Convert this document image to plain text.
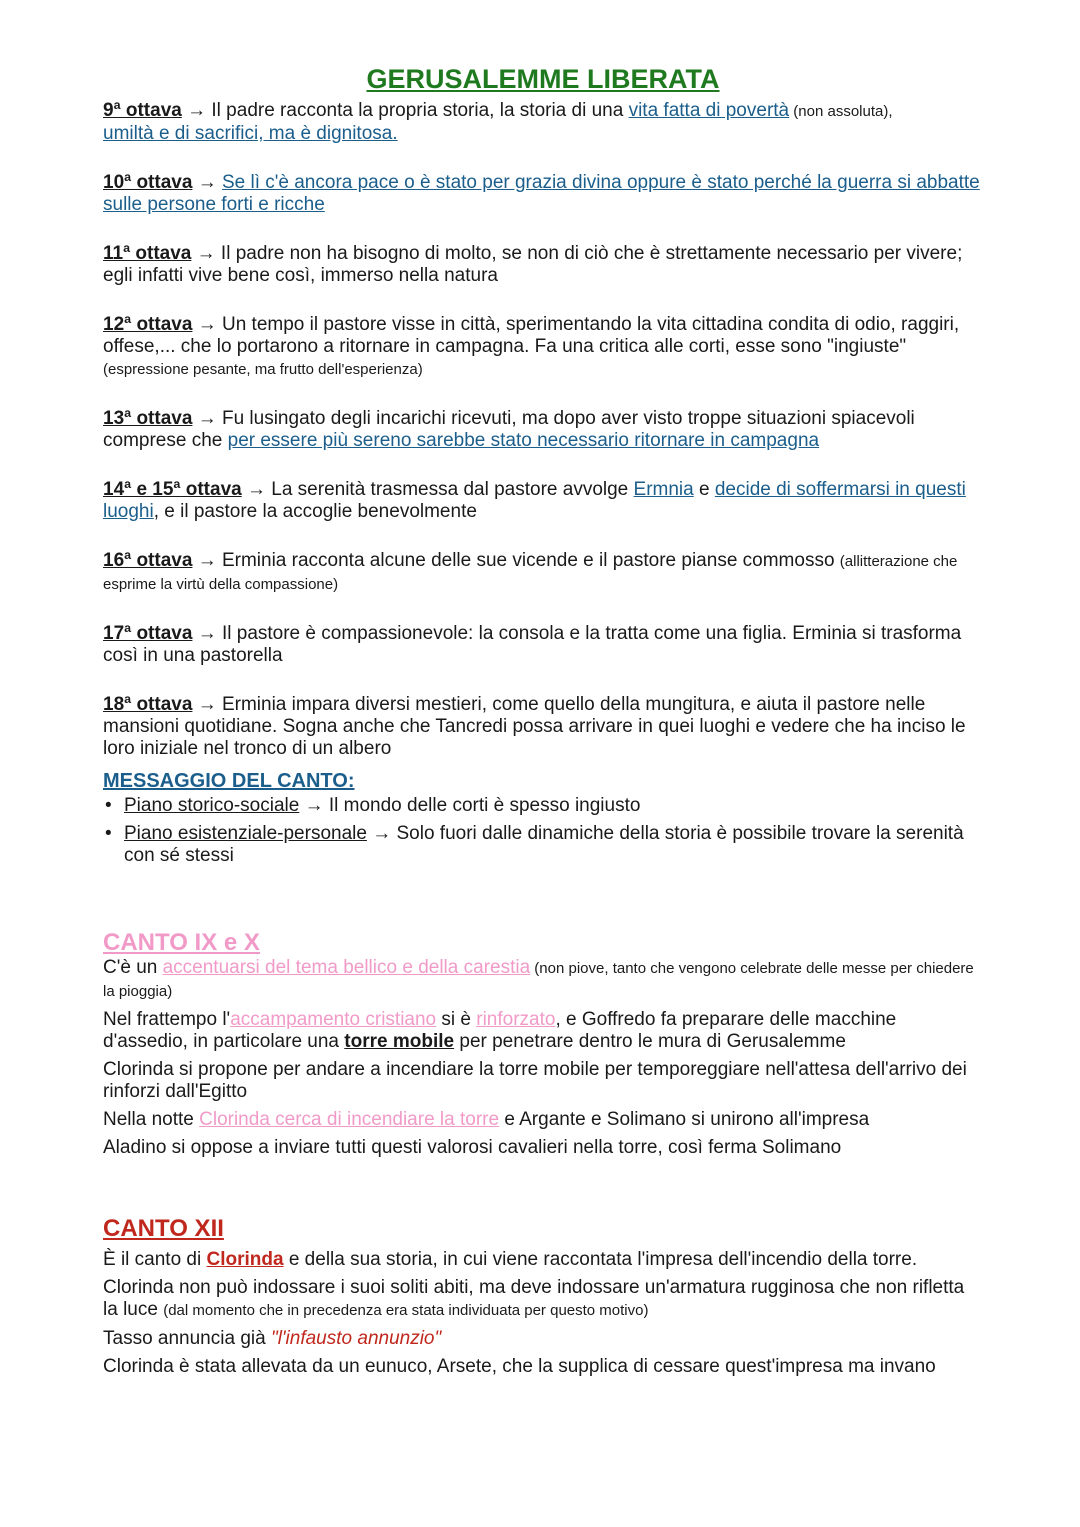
GERUSALEMME LIBERATA

9ª ottava → Il padre racconta la propria storia, la storia di una vita fatta di povertà (non assoluta),
umiltà e di sacrifici, ma è dignitosa.

10ª ottava → Se lì c'è ancora pace o è stato per grazia divina oppure è stato perché la guerra si abbatte sulle persone forti e ricche

11ª ottava → Il padre non ha bisogno di molto, se non di ciò che è strettamente necessario per vivere; egli infatti vive bene così, immerso nella natura

12ª ottava → Un tempo il pastore visse in città, sperimentando la vita cittadina condita di odio, raggiri, offese,... che lo portarono a ritornare in campagna. Fa una critica alle corti, esse sono "ingiuste" (espressione pesante, ma frutto dell'esperienza)

13ª ottava → Fu lusingato degli incarichi ricevuti, ma dopo aver visto troppe situazioni spiacevoli comprese che per essere più sereno sarebbe stato necessario ritornare in campagna

14ª e 15ª ottava → La serenità trasmessa dal pastore avvolge Ermnia e decide di soffermarsi in questi luoghi, e il pastore la accoglie benevolmente

16ª ottava → Erminia racconta alcune delle sue vicende e il pastore pianse commosso (allitterazione che esprime la virtù della compassione)

17ª ottava → Il pastore è compassionevole: la consola e la tratta come una figlia. Erminia si trasforma così in una pastorella

18ª ottava → Erminia impara diversi mestieri, come quello della mungitura, e aiuta il pastore nelle mansioni quotidiane. Sogna anche che Tancredi possa arrivare in quei luoghi e vedere che ha inciso le loro iniziale nel tronco di un albero

MESSAGGIO DEL CANTO:
• Piano storico-sociale → Il mondo delle corti è spesso ingiusto
• Piano esistenziale-personale → Solo fuori dalle dinamiche della storia è possibile trovare la serenità con sé stessi
CANTO IX e X

C'è un accentuarsi del tema bellico e della carestia (non piove, tanto che vengono celebrate delle messe per chiedere la pioggia)

Nel frattempo l'accampamento cristiano si è rinforzato, e Goffredo fa preparare delle macchine d'assedio, in particolare una torre mobile per penetrare dentro le mura di Gerusalemme

Clorinda si propone per andare a incendiare la torre mobile per temporeggiare nell'attesa dell'arrivo dei rinforzi dall'Egitto

Nella notte Clorinda cerca di incendiare la torre e Argante e Solimano si unirono all'impresa

Aladino si oppose a inviare tutti questi valorosi cavalieri nella torre, così ferma Solimano

CANTO XII

È il canto di Clorinda e della sua storia, in cui viene raccontata l'impresa dell'incendio della torre.

Clorinda non può indossare i suoi soliti abiti, ma deve indossare un'armatura rugginosa che non rifletta la luce (dal momento che in precedenza era stata individuata per questo motivo)

Tasso annuncia già "l'infausto annunzio"

Clorinda è stata allevata da un eunuco, Arsete, che la supplica di cessare quest'impresa ma invano
